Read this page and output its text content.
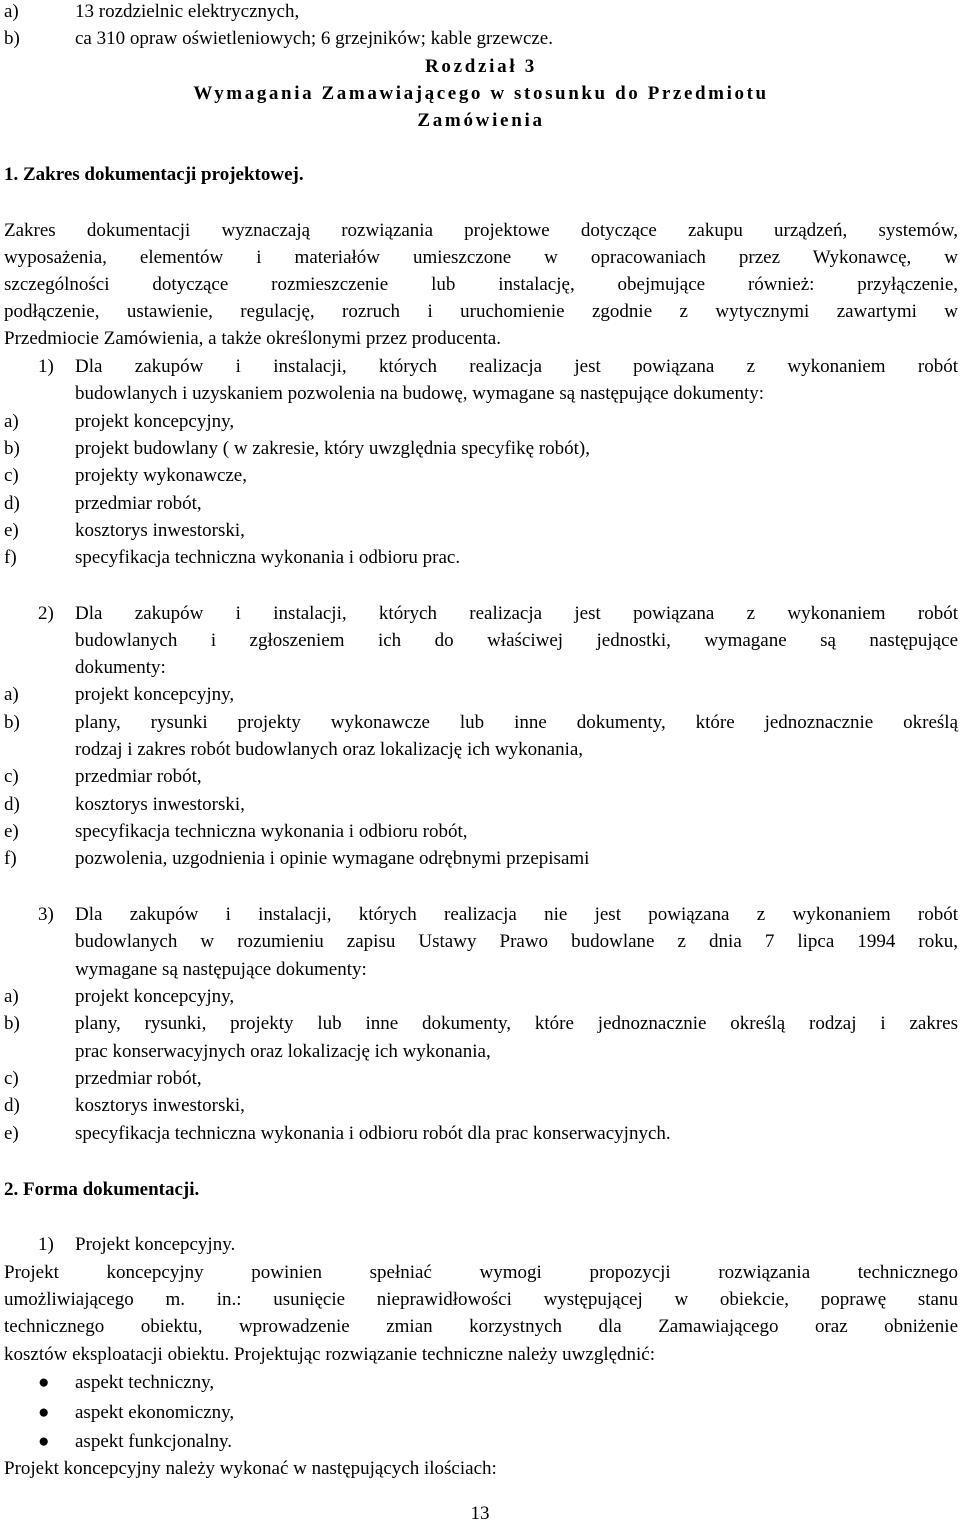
a)	13 rozdzielnic elektrycznych,
b)	ca 310 opraw oświetleniowych; 6 grzejników; kable grzewcze.
Rozdział 3
Wymagania Zamawiającego w stosunku do Przedmiotu
Zamówienia
1. Zakres dokumentacji projektowej.
Zakres dokumentacji wyznaczają rozwiązania projektowe dotyczące zakupu urządzeń, systemów,
wyposażenia, elementów i materiałów umieszczone w opracowaniach przez Wykonawcę, w
szczególności dotyczące rozmieszczenie lub instalację, obejmujące również: przyłączenie,
podłączenie, ustawienie, regulację, rozruch i uruchomienie zgodnie z wytycznymi zawartymi w
Przedmiocie Zamówienia, a także określonymi przez producenta.
1) Dla zakupów i instalacji, których realizacja jest powiązana z wykonaniem robót
budowlanych i uzyskaniem pozwolenia na budowę, wymagane są następujące dokumenty:
a)	projekt koncepcyjny,
b)	projekt budowlany ( w zakresie, który uwzględnia specyfikę robót),
c)	projekty wykonawcze,
d)	przedmiar robót,
e)	kosztorys inwestorski,
f)	specyfikacja techniczna wykonania i odbioru prac.
2) Dla zakupów i instalacji, których realizacja jest powiązana z wykonaniem robót
budowlanych i zgłoszeniem ich do właściwej jednostki, wymagane są następujące
dokumenty:
a)	projekt koncepcyjny,
b)	plany, rysunki projekty wykonawcze lub inne dokumenty, które jednoznacznie określą
rodzaj i zakres robót budowlanych oraz lokalizację ich wykonania,
c)	przedmiar robót,
d)	kosztorys inwestorski,
e)	specyfikacja techniczna wykonania i odbioru robót,
f)	pozwolenia, uzgodnienia i opinie wymagane odrębnymi przepisami
3) Dla zakupów i instalacji, których realizacja nie jest powiązana z wykonaniem robót
budowlanych w rozumieniu zapisu Ustawy Prawo budowlane z dnia 7 lipca 1994 roku,
wymagane są następujące dokumenty:
a)	projekt koncepcyjny,
b)	plany, rysunki, projekty lub inne dokumenty, które jednoznacznie określą rodzaj i zakres
prac konserwacyjnych oraz lokalizację ich wykonania,
c)	przedmiar robót,
d)	kosztorys inwestorski,
e)	specyfikacja techniczna wykonania i odbioru robót dla prac konserwacyjnych.
2. Forma dokumentacji.
1) Projekt koncepcyjny.
Projekt koncepcyjny powinien spełniać wymogi propozycji rozwiązania technicznego
umożliwiającego m. in.: usunięcie nieprawidłowości występującej w obiekcie, poprawę stanu
technicznego obiektu, wprowadzenie zmian korzystnych dla Zamawiającego oraz obniżenie
kosztów eksploatacji obiektu. Projektując rozwiązanie techniczne należy uwzględnić:
● aspekt techniczny,
● aspekt ekonomiczny,
● aspekt funkcjonalny.
Projekt koncepcyjny należy wykonać w następujących ilościach:
13
